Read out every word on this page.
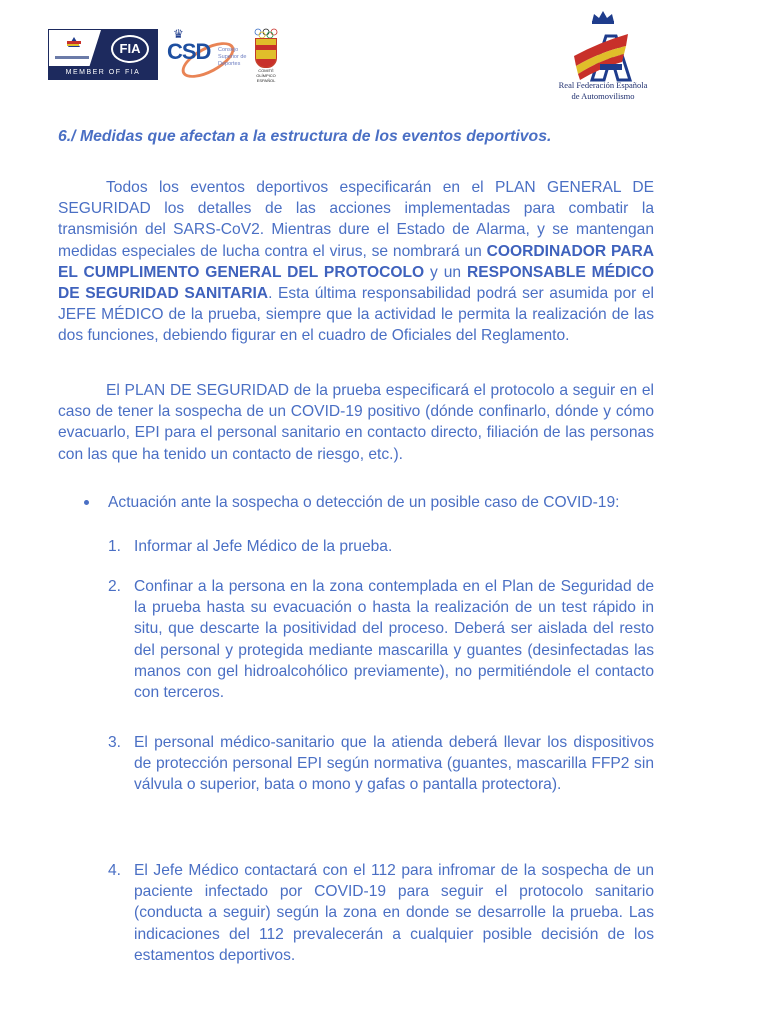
FIA
MEMBER OF FIA
♛
CSD Consejo
Superior de
Deportes
COMITÉ OLÍMPICO
ESPAÑOL	Real Federación Española
de Automovilismo
6./ Medidas que afectan a la estructura de los eventos deportivos.
Todos los eventos deportivos especificarán en el PLAN GENERAL DE SEGURIDAD los detalles de las acciones implementadas para combatir la transmisión del SARS-CoV2. Mientras dure el Estado de Alarma, y se mantengan medidas especiales de lucha contra el virus, se nombrará un COORDINADOR PARA EL CUMPLIMENTO GENERAL DEL PROTOCOLO y un RESPONSABLE MÉDICO DE SEGURIDAD SANITARIA. Esta última responsabilidad podrá ser asumida por el JEFE MÉDICO de la prueba, siempre que la actividad le permita la realización de las dos funciones, debiendo figurar en el cuadro de Oficiales del Reglamento.
El PLAN DE SEGURIDAD de la prueba especificará el protocolo a seguir en el caso de tener la sospecha de un COVID-19 positivo (dónde confinarlo, dónde y cómo evacuarlo, EPI para el personal sanitario en contacto directo, filiación de las personas con las que ha tenido un contacto de riesgo, etc.).
Actuación ante la sospecha o detección de un posible caso de COVID-19:
1. Informar al Jefe Médico de la prueba.
2. Confinar a la persona en la zona contemplada en el Plan de Seguridad de la prueba hasta su evacuación o hasta la realización de un test rápido in situ, que descarte la positividad del proceso. Deberá ser aislada del resto del personal y protegida mediante mascarilla y guantes (desinfectadas las manos con gel hidroalcohólico previamente), no permitiéndole el contacto con terceros.
3. El personal médico-sanitario que la atienda deberá llevar los dispositivos de protección personal EPI según normativa (guantes, mascarilla FFP2 sin válvula o superior, bata o mono y gafas o pantalla protectora).
4. El Jefe Médico contactará con el 112 para infromar de la sospecha de un paciente infectado por COVID-19 para seguir el protocolo sanitario (conducta a seguir) según la zona en donde se desarrolle la prueba. Las indicaciones del 112 prevalecerán a cualquier posible decisión de los estamentos deportivos.
